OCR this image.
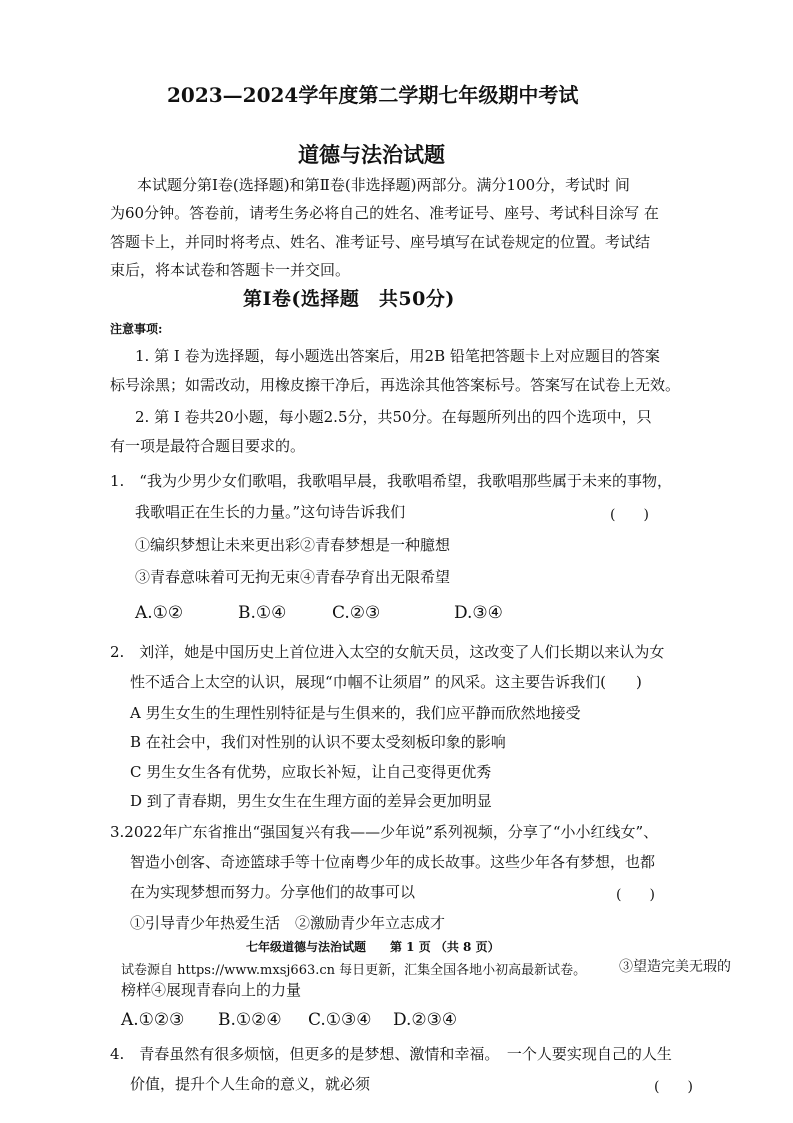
2023—2024学年度第二学期七年级期中考试
道德与法治试题
本试题分第Ⅰ卷(选择题)和第Ⅱ卷(非选择题)两部分。满分100分，考试时 间
为60分钟。答卷前，请考生务必将自己的姓名、准考证号、座号、考试科目涂写 在
答题卡上，并同时将考点、姓名、准考证号、座号填写在试卷规定的位置。考试结
束后，将本试卷和答题卡一并交回。
第Ⅰ卷(选择题　共50分)
注意事项:
1. 第 Ⅰ 卷为选择题，每小题选出答案后，用2B 铅笔把答题卡上对应题目的答案
标号涂黑；如需改动，用橡皮擦干净后，再选涂其他答案标号。答案写在试卷上无效。
2. 第 Ⅰ 卷共20小题，每小题2.5分，共50分。在每题所列出的四个选项中，只
有一项是最符合题目要求的。
1.　“我为少男少女们歌唱，我歌唱早晨，我歌唱希望，我歌唱那些属于未来的事物，
我歌唱正在生长的力量。”这句诗告诉我们	(　　)
①编织梦想让未来更出彩②青春梦想是一种臆想
③青春意味着可无拘无束④青春孕育出无限希望
A.①②	B.①④	C.②③	D.③④
2.　刘洋，她是中国历史上首位进入太空的女航天员，这改变了人们长期以来认为女
性不适合上太空的认识，展现“巾帼不让须眉” 的风采。这主要告诉我们(　　)
A 男生女生的生理性别特征是与生俱来的，我们应平静而欣然地接受
B 在社会中，我们对性别的认识不要太受刻板印象的影响
C 男生女生各有优势，应取长补短，让自己变得更优秀
D 到了青春期，男生女生在生理方面的差异会更加明显
3.2022年广东省推出“强国复兴有我——少年说”系列视频，分享了“小小红线女”、
智造小创客、奇迹篮球手等十位南粤少年的成长故事。这些少年各有梦想，也都
在为实现梦想而努力。分享他们的故事可以	(　　)
①引导青少年热爱生活　②激励青少年立志成才
七年级道德与法治试题　　第 1 页 （共 8 页）
试卷源自 https://www.mxsj663.cn 每日更新，汇集全国各地小初高最新试卷。 ③望造完美无瑕的
榜样④展现青春向上的力量
A.①②③ B.①②④ C.①③④ D.②③④
4.　青春虽然有很多烦恼，但更多的是梦想、激情和幸福。　一个人要实现自己的人生
价值，提升个人生命的意义，就必须	(　　)
